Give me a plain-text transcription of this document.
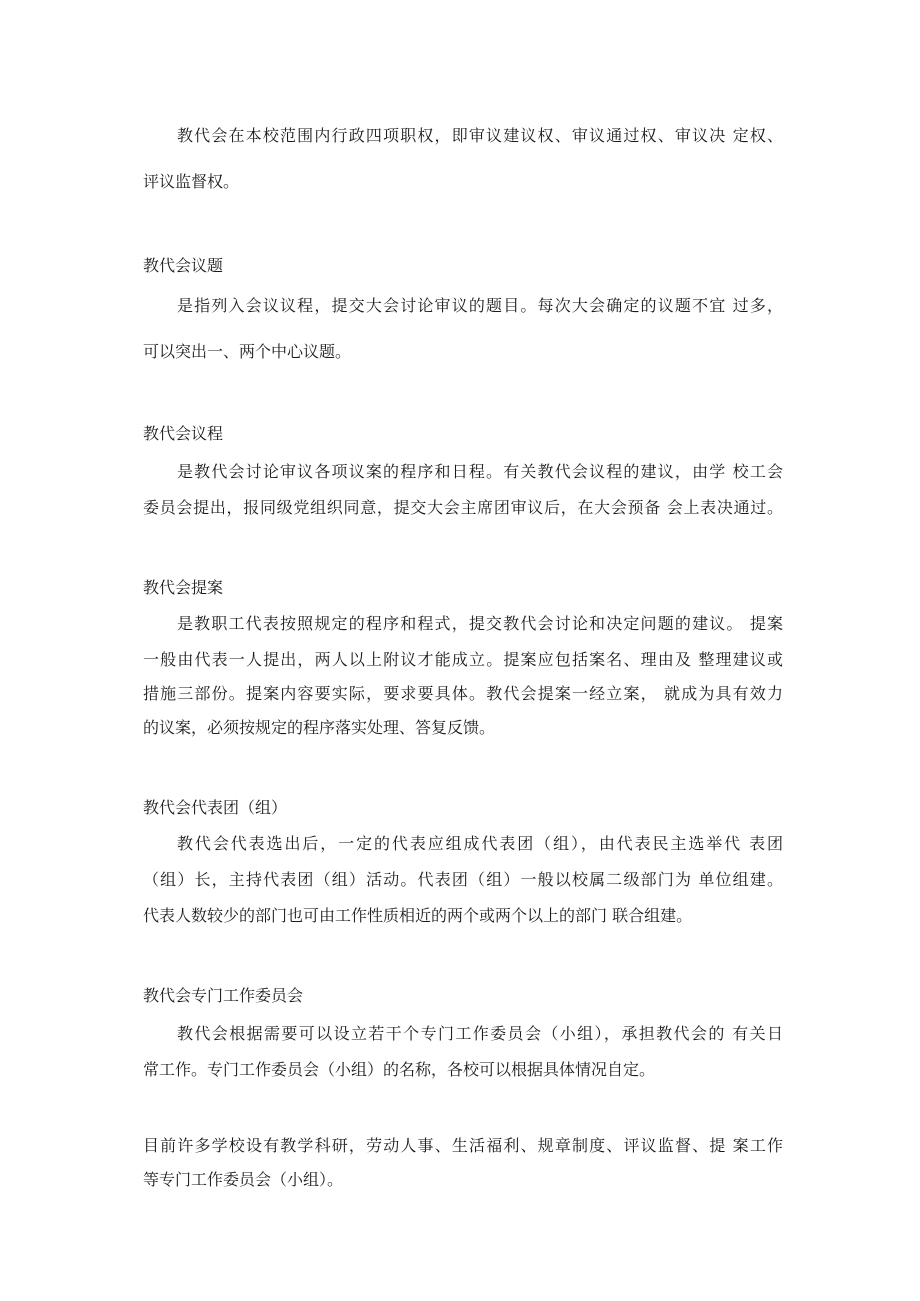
教代会在本校范围内行政四项职权，即审议建议权、审议通过权、审议决 定权、
评议监督权。
教代会议题
是指列入会议议程，提交大会讨论审议的题目。每次大会确定的议题不宜 过多，
可以突出一、两个中心议题。
教代会议程
是教代会讨论审议各项议案的程序和日程。有关教代会议程的建议，由学 校工会
委员会提出，报同级党组织同意，提交大会主席团审议后，在大会预备 会上表决通过。
教代会提案
是教职工代表按照规定的程序和程式，提交教代会讨论和决定问题的建议。 提案
一般由代表一人提出，两人以上附议才能成立。提案应包括案名、理由及 整理建议或
措施三部份。提案内容要实际，要求要具体。教代会提案一经立案， 就成为具有效力
的议案，必须按规定的程序落实处理、答复反馈。
教代会代表团（组）
教代会代表选出后，一定的代表应组成代表团（组），由代表民主选举代 表团
（组）长，主持代表团（组）活动。代表团（组）一般以校属二级部门为 单位组建。
代表人数较少的部门也可由工作性质相近的两个或两个以上的部门 联合组建。
教代会专门工作委员会
教代会根据需要可以设立若干个专门工作委员会（小组），承担教代会的 有关日
常工作。专门工作委员会（小组）的名称，各校可以根据具体情况自定。
目前许多学校设有教学科研，劳动人事、生活福利、规章制度、评议监督、提 案工作
等专门工作委员会（小组）。
